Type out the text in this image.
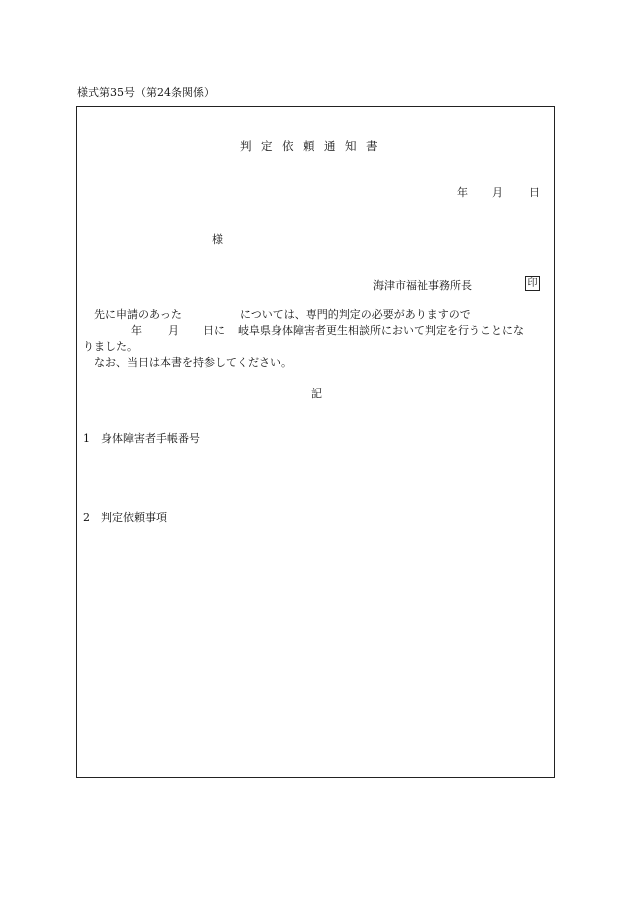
様式第35号（第24条関係）
判定依頼通知書
年 月 日
様
海津市福祉事務所長	印
先に申請のあった	については、専門的判定の必要がありますので
年 月 日に 岐阜県身体障害者更生相談所において判定を行うことにな
りました。
なお、当日は本書を持参してください。
記
1　身体障害者手帳番号
2　判定依頼事項
